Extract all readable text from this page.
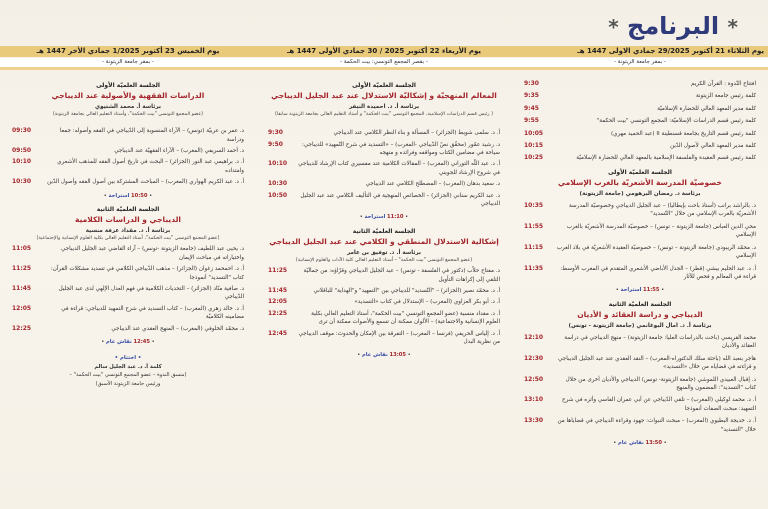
* البرنامج *
يوم الثلاثاء 21 أكتوبر 29/2025 جمادي الاولى 1447 هـ
يوم الأربعاء 22 أكتوبر 2025 / 30 جمادي الأولى 1447 هـ
يوم الخميس 23 أكتوبر 1/2025 جمادي الأخر 1447 هـ
- بمقر جامعة الزيتونة -
- بقصر المجمع التونسي: بيت الحكمة -
- بمقر جامعة الزيتونة -
افتتاح النّدوة : القرآن الكريم
9:30
كلمة رئيس جامعة الزيتونة
9:35
كلمة مدير المعهد العالي للحضارة الإسلاميّة
9:45
كلمة رئيس قسم الدراسات الإسلاميّة: المجمع التونسي "بيت الحكمة"
9:55
كلمة رئيس قسم التاريخ بجامعة قسنطينة II (عبد الحميد مهري)
10:05
كلمة مدير المعهد العالي لأصول الدّين
10:15
كلمة رئيس قسم العقيدة والفلسفة الإسلامية بالمعهد العالي للحضارة الإسلاميّة
10:25
الجلسة العلميّة الأولى
خصوصيّة المدرسة الأشعريّة بالغرب الإسلامي
برئاسة د. رمضان البرهومي (جامعة الزيتونة)
د. بالراشد برانب (أستاذ باحث بإيطاليا) – عبد الجليل الديباجي وخصوصيّة المدرسة الأشعريّة بالغرب الإسلامي من خلال "التّسديد"
10:35
محي الدين العباس (جامعة الزيتونة – تونس) – خصوصيّة المدرسة الأشعريّة بالغرب الإسلامي
11:55
د. محمّد الريبودي (جامعة الزيتونة – تونس) – خصوصيّة العقيدة الأشعريّة في بلاد الغرب الإسلامي
11:15
أ. د. عبد الحليم بيشي (قطر) – الجدل الأباضي الأشعري المتقدم في المغرب الأوسط: قراءة في المعالم و فحص للآثار
11:35
• 11:55 استراحة •
الجلسة العلميّة الثانية
الديباجي و دراسة العقائد و الأديان
برئاسة أ. د. امال البوغانمي (جامعة الزيتونة - تونس)
محمد القريسي (باحث بالدراسات العليا: جامعة الزيتونة) – منهج الديباجي في دراسة العقائد والأديان
12:10
هاجر بنعبد الله (باحثة سلك الدكتوراه-المغرب) – النقد العقدي عند عبد الجليل الديباجي و قراءته في قضاياه من خلال «التسديد»
12:30
د. إقبال العبيدي اللموشي (جامعة الزيتونة- تونس) الديباجي والأديان أخرى من خلال كتاب "التسديد": المضمون والمنهج
12:50
أ. د. محمد لوكيلي (المغرب) – تلقي الدّيباجي عن أبي عمران الفاسي وأثره في شرح التمهيد: مبحث الصفات أنموذجا
13:10
أ. د. خديجة البطيوي (المغرب) – مبحث النبوات: جهود وقراءة الديباجي في قضاياها من خلال "التسديد"
13:30
• 13:50 نقاش عام •
الجلسة العلميّة الأولى
المعالم المنهجيّة و إشكاليّة الاستدلال عند عبد الجليل الديباجي
برئاسة أ. د. احميدة النيفر
( رئيس قسم الدراسات الإسلامية، المجمع التونسي "بيت الحكمة" و أستاذ التعليم العالي بجامعة الزيتونة سابقا)
أ. د. سلمى شويط (الجزائر) – المسألة و بناء النظر الكلامي عند الديباجي
9:30
د. رشيد عمّور (محقّق نصّ الدّيباجي -المغرب) – «التسديد في شرح التّمهيد» للديباجي: سياحة في مضامين الكتاب ومواقفه وفرائده و منهجه
9:50
أ. د. عبد اللّه التوراني (المغرب) – المقالات الكلامية عند مفسيري كتاب الإرشاد للديباجي في شروح الإرشاد للجويني
10:10
د. سعيد بدهان (المغرب) – المصطلح الكلامي عند الديباجي
10:30
د. عبد الكريم سناني (الجزائر) – الخصائص المنهجية في التأليف الكلامي عند عبد الجليل الديباجي
10:50
• 11:10 استراحة •
الجلسة العلميّة الثانية
إشكالية الاستدلال المنطقي و الكلامي عند عبد الجليل الديباجي
برئاسة أ. د. توفيق بن عامر
(عضو المجمع التونسي "بيت الحكمة" – أستاذ التعليم العالي كلية الآداب والعلوم الإنسانية)
د. مفتاح حلاّب (دكتور في الفلسفة - تونس) – عبد الجليل الديباجي وقرّاؤه: من جماليّة التلقي إلى إكراهات التأويل
11:25
أ. د. محمّد نصير (الجزائر) – "التّسديد" للديباجي بين "التمهيد" و"الهداية" للباقلاني
11:45
أ. د. أبو بكر العزاوي (المغرب) – الإستدلال في كتاب «التسديد»
12:05
أ. د. مقداد منسية (عضو المجمع التونسي "بيت الحكمة"، أستاذ التعليم العالي بكلية العلوم الإنسانية والاجتماعية) – الألوان ممكنة أن تسمع والأصوات ممكنة أن ترى
12:25
أ. د. إلياس الحريفي (فرنسا – المغرب) – التفرقة بين الإمكان والحدوث: موقف الديباجي من نظرية البدل
12:45
• 13:05 نقاش عام •
الجلسة العلميّة الأولى
الدراسات الفقهية والأصولية عند الديباجي
برئاسة أ. محمد الشتيوي
(عضو المجمع التونسي "بيت الحكمة"، وأستاذ التعليم العالي بجامعة الزيتونة)
د. عمر بن عربيّة (تونس) – الآراء المنسوبة إلى الدّيباجي في الفقه وأصوله: جمعا ودراسة
09:30
د. أحمد السريفي (المغرب) – الآراء الفقهيّة عند الديباجي
09:50
أ. د. براهيمي عبد النور (الجزائر) – البحث في تاريخ أصول الفقه للمذهب الأشعري وامتداده
10:10
أ. د. عبد الكريم الهواري (المغرب) – المباحث المشتركة بين أصول الفقه وأصول الدّين
10:30
• 10:50 استراحة •
الجلسة العلميّة الثانية
الديباجي و الدراسات الكلامية
برئاسة أ. د. مقداد عرفة منسية
(عضو المجمع التونسي "بيت الحكمة"، أستاذ التعليم العالي بكلية العلوم الإنسانية والإجتماعية)
د. يحيى عبد اللطيف (جامعة الزيتونة -تونس) – آراء القاضي عبد الجليل الديباجي واختياراته في مباحث الإيمان
11:05
أ. د. احمحمد زغوان (الجزائر) – مذهب الدّيباجي الكلامي في تسديد مشكلات القرآن: كتاب "التسديد" أنموذجا
11:25
د. صافية منّاد (الجزائر) – التحديات الكلامية في فهم العدل الإلهي لدى عبد الجليل الدّيباجي
11:45
أ. د. خالد زهري (المغرب) – كتاب التسديد في شرح التمهيد للديباجي: قراءة في مضامينه الكلاميّة
12:05
د. محمّد الخلوفي (المغرب) – المنهج العقدي عند الديباجي
12:25
• 12:45 نقاش عام •
• اختتام •
كلمة أ. د. عبد الجليل سالم
(منسق الندوة – عضو المجمع التونسي "بيت الحكمة" –
ورئيس جامعة الزيتونة الأسبق)
